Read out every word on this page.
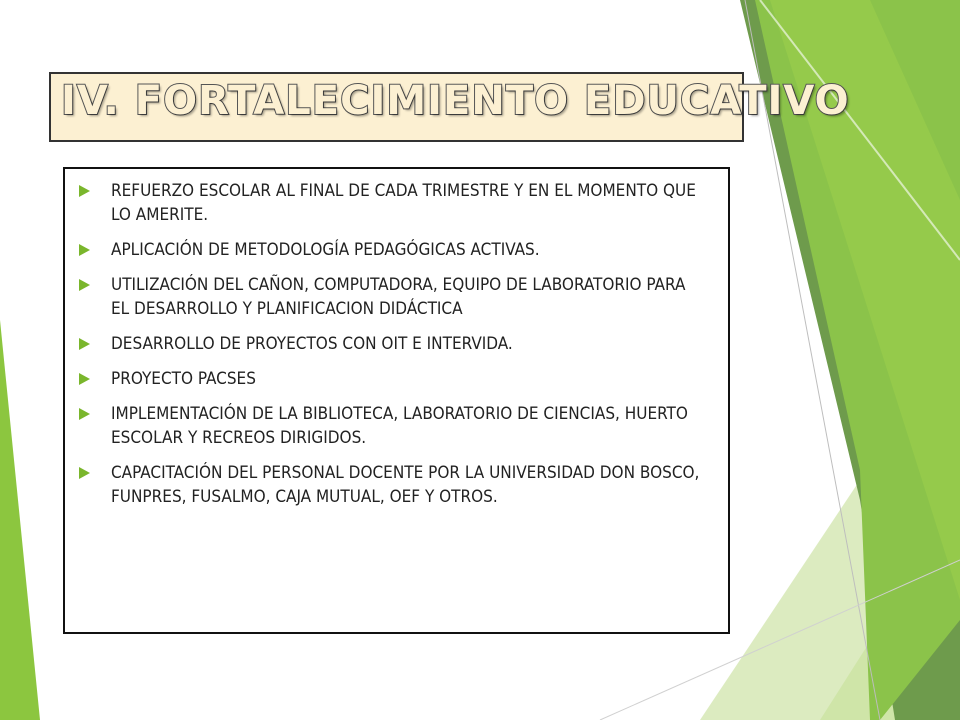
IV. FORTALECIMIENTO EDUCATIVO
REFUERZO ESCOLAR AL FINAL DE CADA TRIMESTRE Y EN EL MOMENTO QUE LO AMERITE.
APLICACIÓN DE METODOLOGÍA PEDAGÓGICAS ACTIVAS.
UTILIZACIÓN DEL CAÑON, COMPUTADORA, EQUIPO DE LABORATORIO PARA EL DESARROLLO Y PLANIFICACION DIDÁCTICA
DESARROLLO DE PROYECTOS CON OIT E INTERVIDA.
PROYECTO PACSES
IMPLEMENTACIÓN DE LA BIBLIOTECA, LABORATORIO DE CIENCIAS, HUERTO ESCOLAR Y RECREOS DIRIGIDOS.
CAPACITACIÓN DEL PERSONAL DOCENTE POR LA UNIVERSIDAD DON BOSCO, FUNPRES, FUSALMO, CAJA MUTUAL, OEF Y OTROS.
